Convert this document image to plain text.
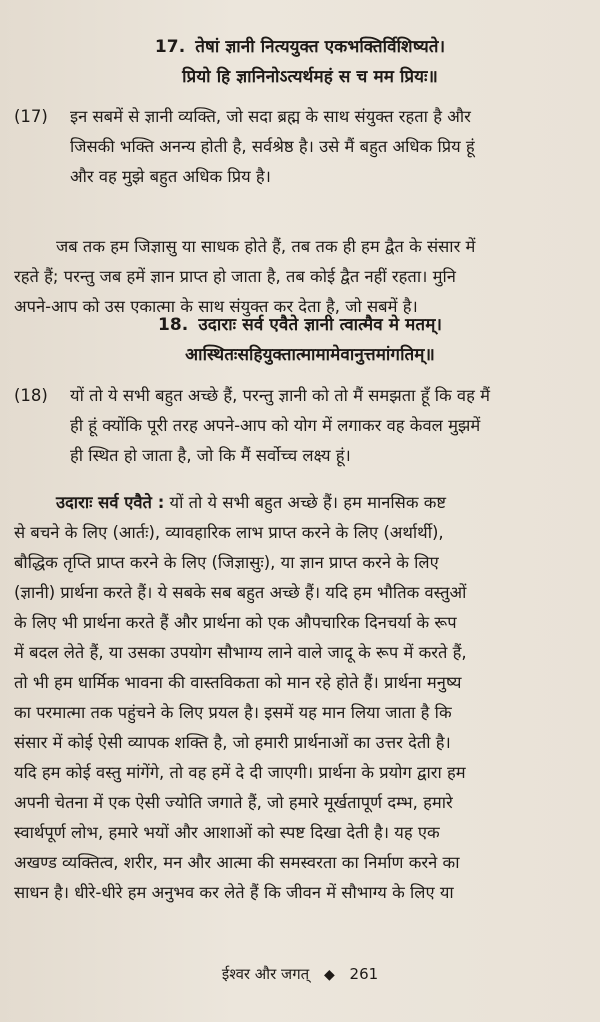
17. तेषां ज्ञानी नित्ययुक्त एकभक्तिर्विशिष्यते।
प्रियो हि ज्ञानिनोऽत्यर्थमहं स च मम प्रियः॥
(17)	इन सबमें से ज्ञानी व्यक्ति, जो सदा ब्रह्म के साथ संयुक्त रहता है और
जिसकी भक्ति अनन्य होती है, सर्वश्रेष्ठ है। उसे मैं बहुत अधिक प्रिय हूं
और वह मुझे बहुत अधिक प्रिय है।
जब तक हम जिज्ञासु या साधक होते हैं, तब तक ही हम द्वैत के संसार में
रहते हैं; परन्तु जब हमें ज्ञान प्राप्त हो जाता है, तब कोई द्वैत नहीं रहता। मुनि
अपने-आप को उस एकात्मा के साथ संयुक्त कर देता है, जो सबमें है।
18. उदाराः सर्व एवैते ज्ञानी त्वात्मैव मे मतम्।
आस्थितःसहियुक्तात्मामामेवानुत्तमांगतिम्॥
(18)	यों तो ये सभी बहुत अच्छे हैं, परन्तु ज्ञानी को तो मैं समझता हूँ कि वह मैं
ही हूं क्योंकि पूरी तरह अपने-आप को योग में लगाकर वह केवल मुझमें
ही स्थित हो जाता है, जो कि मैं सर्वोच्च लक्ष्य हूं।
उदाराः सर्व एवैते : यों तो ये सभी बहुत अच्छे हैं। हम मानसिक कष्ट
से बचने के लिए (आर्तः), व्यावहारिक लाभ प्राप्त करने के लिए (अर्थार्थी),
बौद्धिक तृप्ति प्राप्त करने के लिए (जिज्ञासुः), या ज्ञान प्राप्त करने के लिए
(ज्ञानी) प्रार्थना करते हैं। ये सबके सब बहुत अच्छे हैं। यदि हम भौतिक वस्तुओं
के लिए भी प्रार्थना करते हैं और प्रार्थना को एक औपचारिक दिनचर्या के रूप
में बदल लेते हैं, या उसका उपयोग सौभाग्य लाने वाले जादू के रूप में करते हैं,
तो भी हम धार्मिक भावना की वास्तविकता को मान रहे होते हैं। प्रार्थना मनुष्य
का परमात्मा तक पहुंचने के लिए प्रयल है। इसमें यह मान लिया जाता है कि
संसार में कोई ऐसी व्यापक शक्ति है, जो हमारी प्रार्थनाओं का उत्तर देती है।
यदि हम कोई वस्तु मांगेंगे, तो वह हमें दे दी जाएगी। प्रार्थना के प्रयोग द्वारा हम
अपनी चेतना में एक ऐसी ज्योति जगाते हैं, जो हमारे मूर्खतापूर्ण दम्भ, हमारे
स्वार्थपूर्ण लोभ, हमारे भयों और आशाओं को स्पष्ट दिखा देती है। यह एक
अखण्ड व्यक्तित्व, शरीर, मन और आत्मा की समस्वरता का निर्माण करने का
साधन है। धीरे-धीरे हम अनुभव कर लेते हैं कि जीवन में सौभाग्य के लिए या
ईश्वर और जगत् ◆ 261
